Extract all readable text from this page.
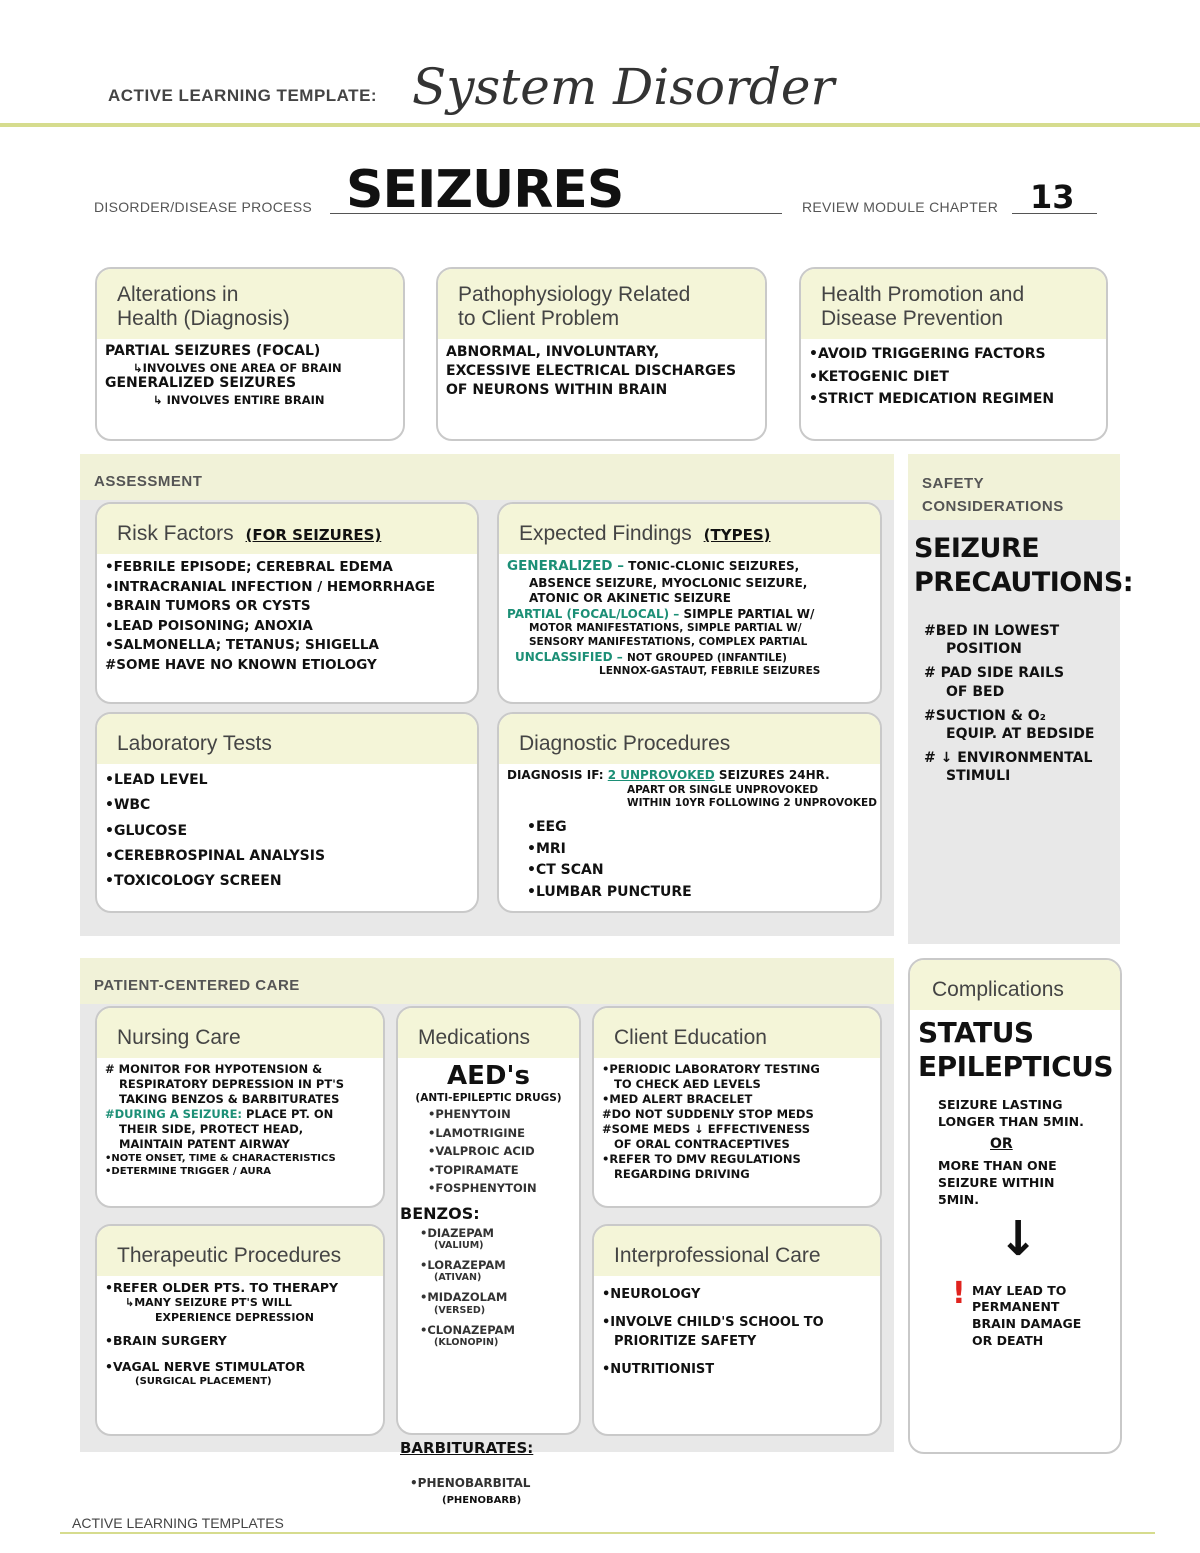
ACTIVE LEARNING TEMPLATE: System Disorder
DISORDER/DISEASE PROCESS SEIZURES	REVIEW MODULE CHAPTER 13
Alterations in
Health (Diagnosis)
PARTIAL SEIZURES (FOCAL)
↳INVOLVES ONE AREA OF BRAIN
GENERALIZED SEIZURES
↳ INVOLVES ENTIRE BRAIN
Pathophysiology Related
to Client Problem
ABNORMAL, INVOLUNTARY,
EXCESSIVE ELECTRICAL DISCHARGES
OF NEURONS WITHIN BRAIN
Health Promotion and
Disease Prevention
•AVOID TRIGGERING FACTORS
•KETOGENIC DIET
•STRICT MEDICATION REGIMEN
ASSESSMENT
Risk Factors (FOR SEIZURES)
•FEBRILE EPISODE; CEREBRAL EDEMA
•INTRACRANIAL INFECTION / HEMORRHAGE
•BRAIN TUMORS OR CYSTS
•LEAD POISONING; ANOXIA
•SALMONELLA; TETANUS; SHIGELLA
#SOME HAVE NO KNOWN ETIOLOGY
Expected Findings (TYPES)
GENERALIZED – TONIC-CLONIC SEIZURES,
ABSENCE SEIZURE, MYOCLONIC SEIZURE,
ATONIC OR AKINETIC SEIZURE
PARTIAL (FOCAL/LOCAL) – SIMPLE PARTIAL W/
MOTOR MANIFESTATIONS, SIMPLE PARTIAL W/
SENSORY MANIFESTATIONS, COMPLEX PARTIAL
UNCLASSIFIED – NOT GROUPED (INFANTILE)
LENNOX-GASTAUT, FEBRILE SEIZURES
Laboratory Tests
•LEAD LEVEL
•WBC
•GLUCOSE
•CEREBROSPINAL ANALYSIS
•TOXICOLOGY SCREEN
Diagnostic Procedures
DIAGNOSIS IF: 2 UNPROVOKED SEIZURES 24HR.
APART OR SINGLE UNPROVOKED
WITHIN 10YR FOLLOWING 2 UNPROVOKED
•EEG
•MRI
•CT SCAN
•LUMBAR PUNCTURE
SAFETY
CONSIDERATIONS
SEIZURE
PRECAUTIONS:
#BED IN LOWEST
POSITION
# PAD SIDE RAILS
OF BED
#SUCTION & O₂
EQUIP. AT BEDSIDE
# ↓ ENVIRONMENTAL
STIMULI
PATIENT-CENTERED CARE
Nursing Care
# MONITOR FOR HYPOTENSION &
RESPIRATORY DEPRESSION IN PT'S
TAKING BENZOS & BARBITURATES
#DURING A SEIZURE: PLACE PT. ON
THEIR SIDE, PROTECT HEAD,
MAINTAIN PATENT AIRWAY
•NOTE ONSET, TIME & CHARACTERISTICS
•DETERMINE TRIGGER / AURA
Medications
AED's
(ANTI-EPILEPTIC DRUGS)
•PHENYTOIN
•LAMOTRIGINE
•VALPROIC ACID
•TOPIRAMATE
•FOSPHENYTOIN
BENZOS:
•DIAZEPAM
(VALIUM)
•LORAZEPAM
(ATIVAN)
•MIDAZOLAM
(VERSED)
•CLONAZEPAM
(KLONOPIN)
BARBITURATES:
•PHENOBARBITAL
(PHENOBARB)
Client Education
•PERIODIC LABORATORY TESTING
TO CHECK AED LEVELS
•MED ALERT BRACELET
#DO NOT SUDDENLY STOP MEDS
#SOME MEDS ↓ EFFECTIVENESS
OF ORAL CONTRACEPTIVES
•REFER TO DMV REGULATIONS
REGARDING DRIVING
Therapeutic Procedures
•REFER OLDER PTS. TO THERAPY
↳MANY SEIZURE PT'S WILL
EXPERIENCE DEPRESSION
•BRAIN SURGERY
•VAGAL NERVE STIMULATOR
(SURGICAL PLACEMENT)
Interprofessional Care
•NEUROLOGY
•INVOLVE CHILD'S SCHOOL TO
PRIORITIZE SAFETY
•NUTRITIONIST
Complications
STATUS
EPILEPTICUS
SEIZURE LASTING
LONGER THAN 5MIN.
OR
MORE THAN ONE
SEIZURE WITHIN
5MIN.
↓
! MAY LEAD TO
PERMANENT
BRAIN DAMAGE
OR DEATH
ACTIVE LEARNING TEMPLATES
